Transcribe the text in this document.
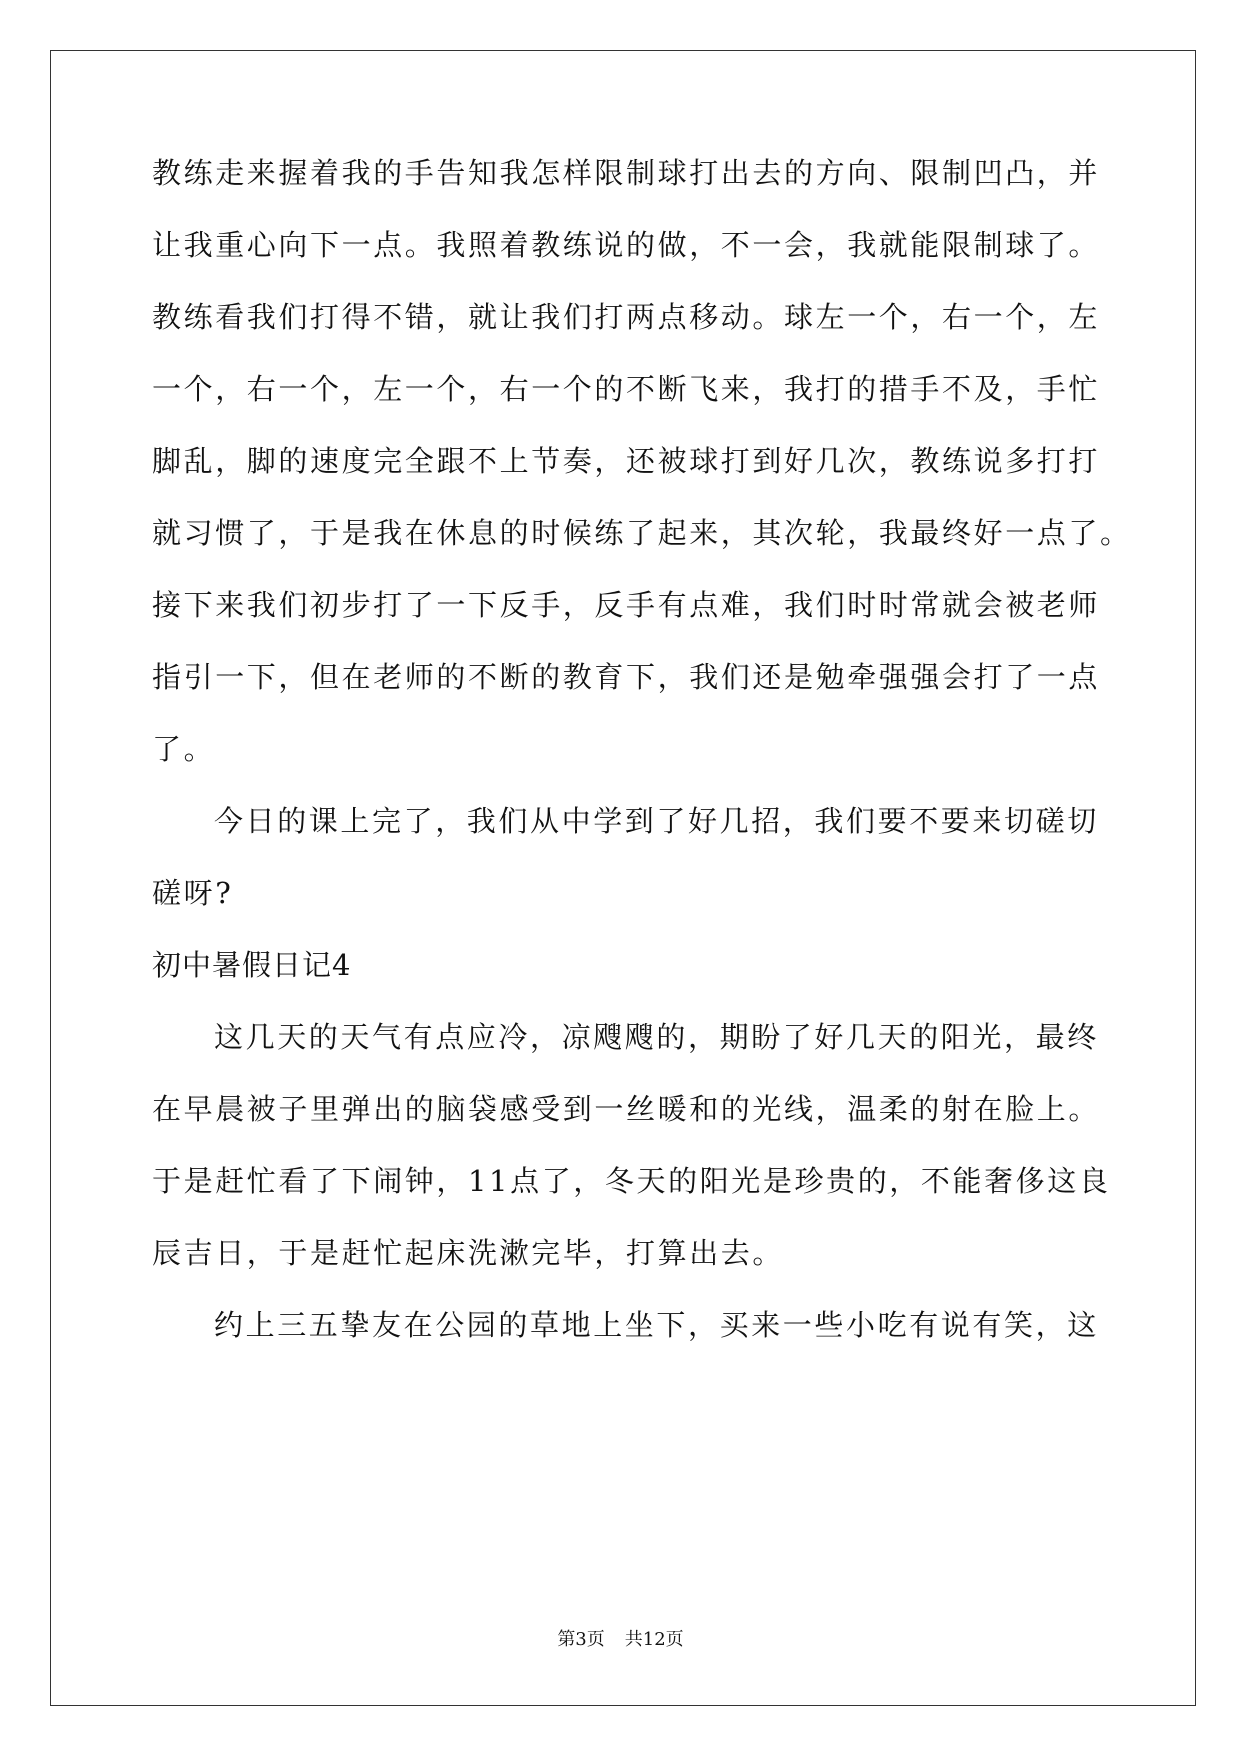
教练走来握着我的手告知我怎样限制球打出去的方向、限制凹凸，并
让我重心向下一点。我照着教练说的做，不一会，我就能限制球了。
教练看我们打得不错，就让我们打两点移动。球左一个，右一个，左
一个，右一个，左一个，右一个的不断飞来，我打的措手不及，手忙
脚乱，脚的速度完全跟不上节奏，还被球打到好几次，教练说多打打
就习惯了，于是我在休息的时候练了起来，其次轮，我最终好一点了。
接下来我们初步打了一下反手，反手有点难，我们时时常就会被老师
指引一下，但在老师的不断的教育下，我们还是勉牵强强会打了一点
了。
今日的课上完了，我们从中学到了好几招，我们要不要来切磋切
磋呀?
初中暑假日记4
这几天的天气有点应冷，凉飕飕的，期盼了好几天的阳光，最终
在早晨被子里弹出的脑袋感受到一丝暖和的光线，温柔的射在脸上。
于是赶忙看了下闹钟，11点了，冬天的阳光是珍贵的，不能奢侈这良
辰吉日，于是赶忙起床洗漱完毕，打算出去。
约上三五挚友在公园的草地上坐下，买来一些小吃有说有笑，这
第3页 共12页
